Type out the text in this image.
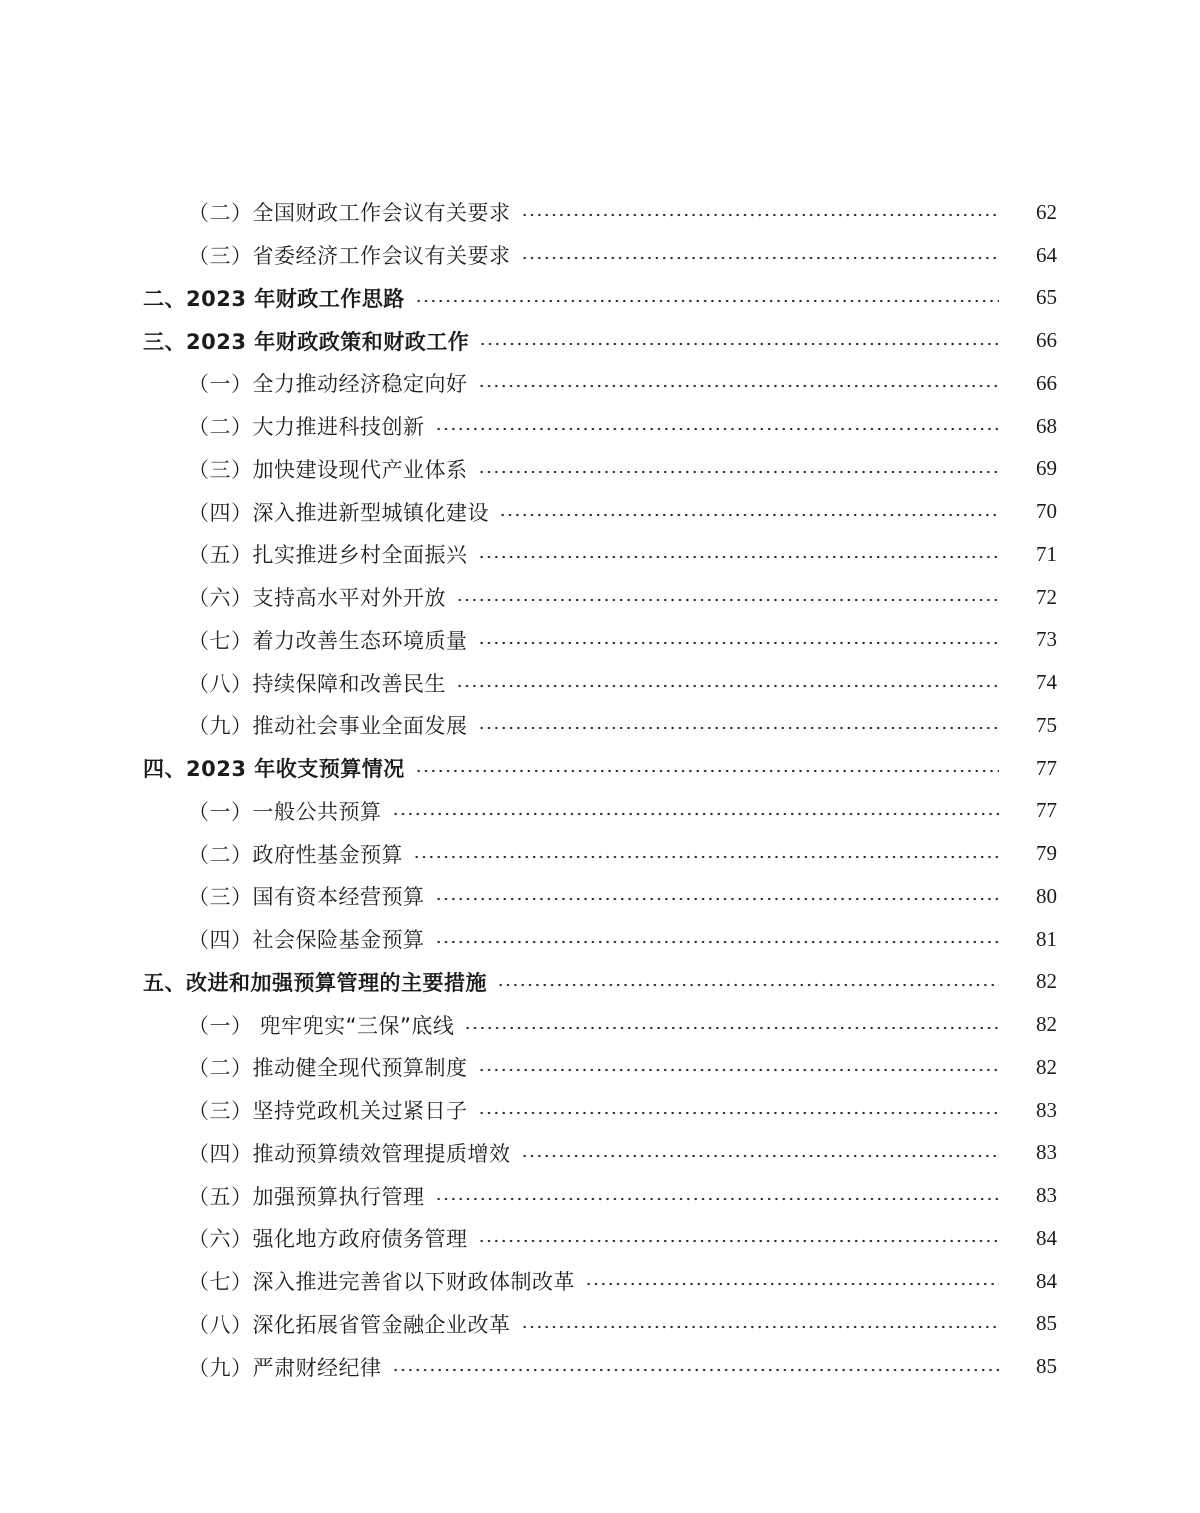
（二）全国财政工作会议有关要求	62
（三）省委经济工作会议有关要求	64
二、2023 年财政工作思路	65
三、2023 年财政政策和财政工作	66
（一）全力推动经济稳定向好	66
（二）大力推进科技创新	68
（三）加快建设现代产业体系	69
（四）深入推进新型城镇化建设	70
（五）扎实推进乡村全面振兴	71
（六）支持高水平对外开放	72
（七）着力改善生态环境质量	73
（八）持续保障和改善民生	74
（九）推动社会事业全面发展	75
四、2023 年收支预算情况	77
（一）一般公共预算	77
（二）政府性基金预算	79
（三）国有资本经营预算	80
（四）社会保险基金预算	81
五、改进和加强预算管理的主要措施	82
（一） 兜牢兜实“三保”底线	82
（二）推动健全现代预算制度	82
（三）坚持党政机关过紧日子	83
（四）推动预算绩效管理提质增效	83
（五）加强预算执行管理	83
（六）强化地方政府债务管理	84
（七）深入推进完善省以下财政体制改革	84
（八）深化拓展省管金融企业改革	85
（九）严肃财经纪律	85
